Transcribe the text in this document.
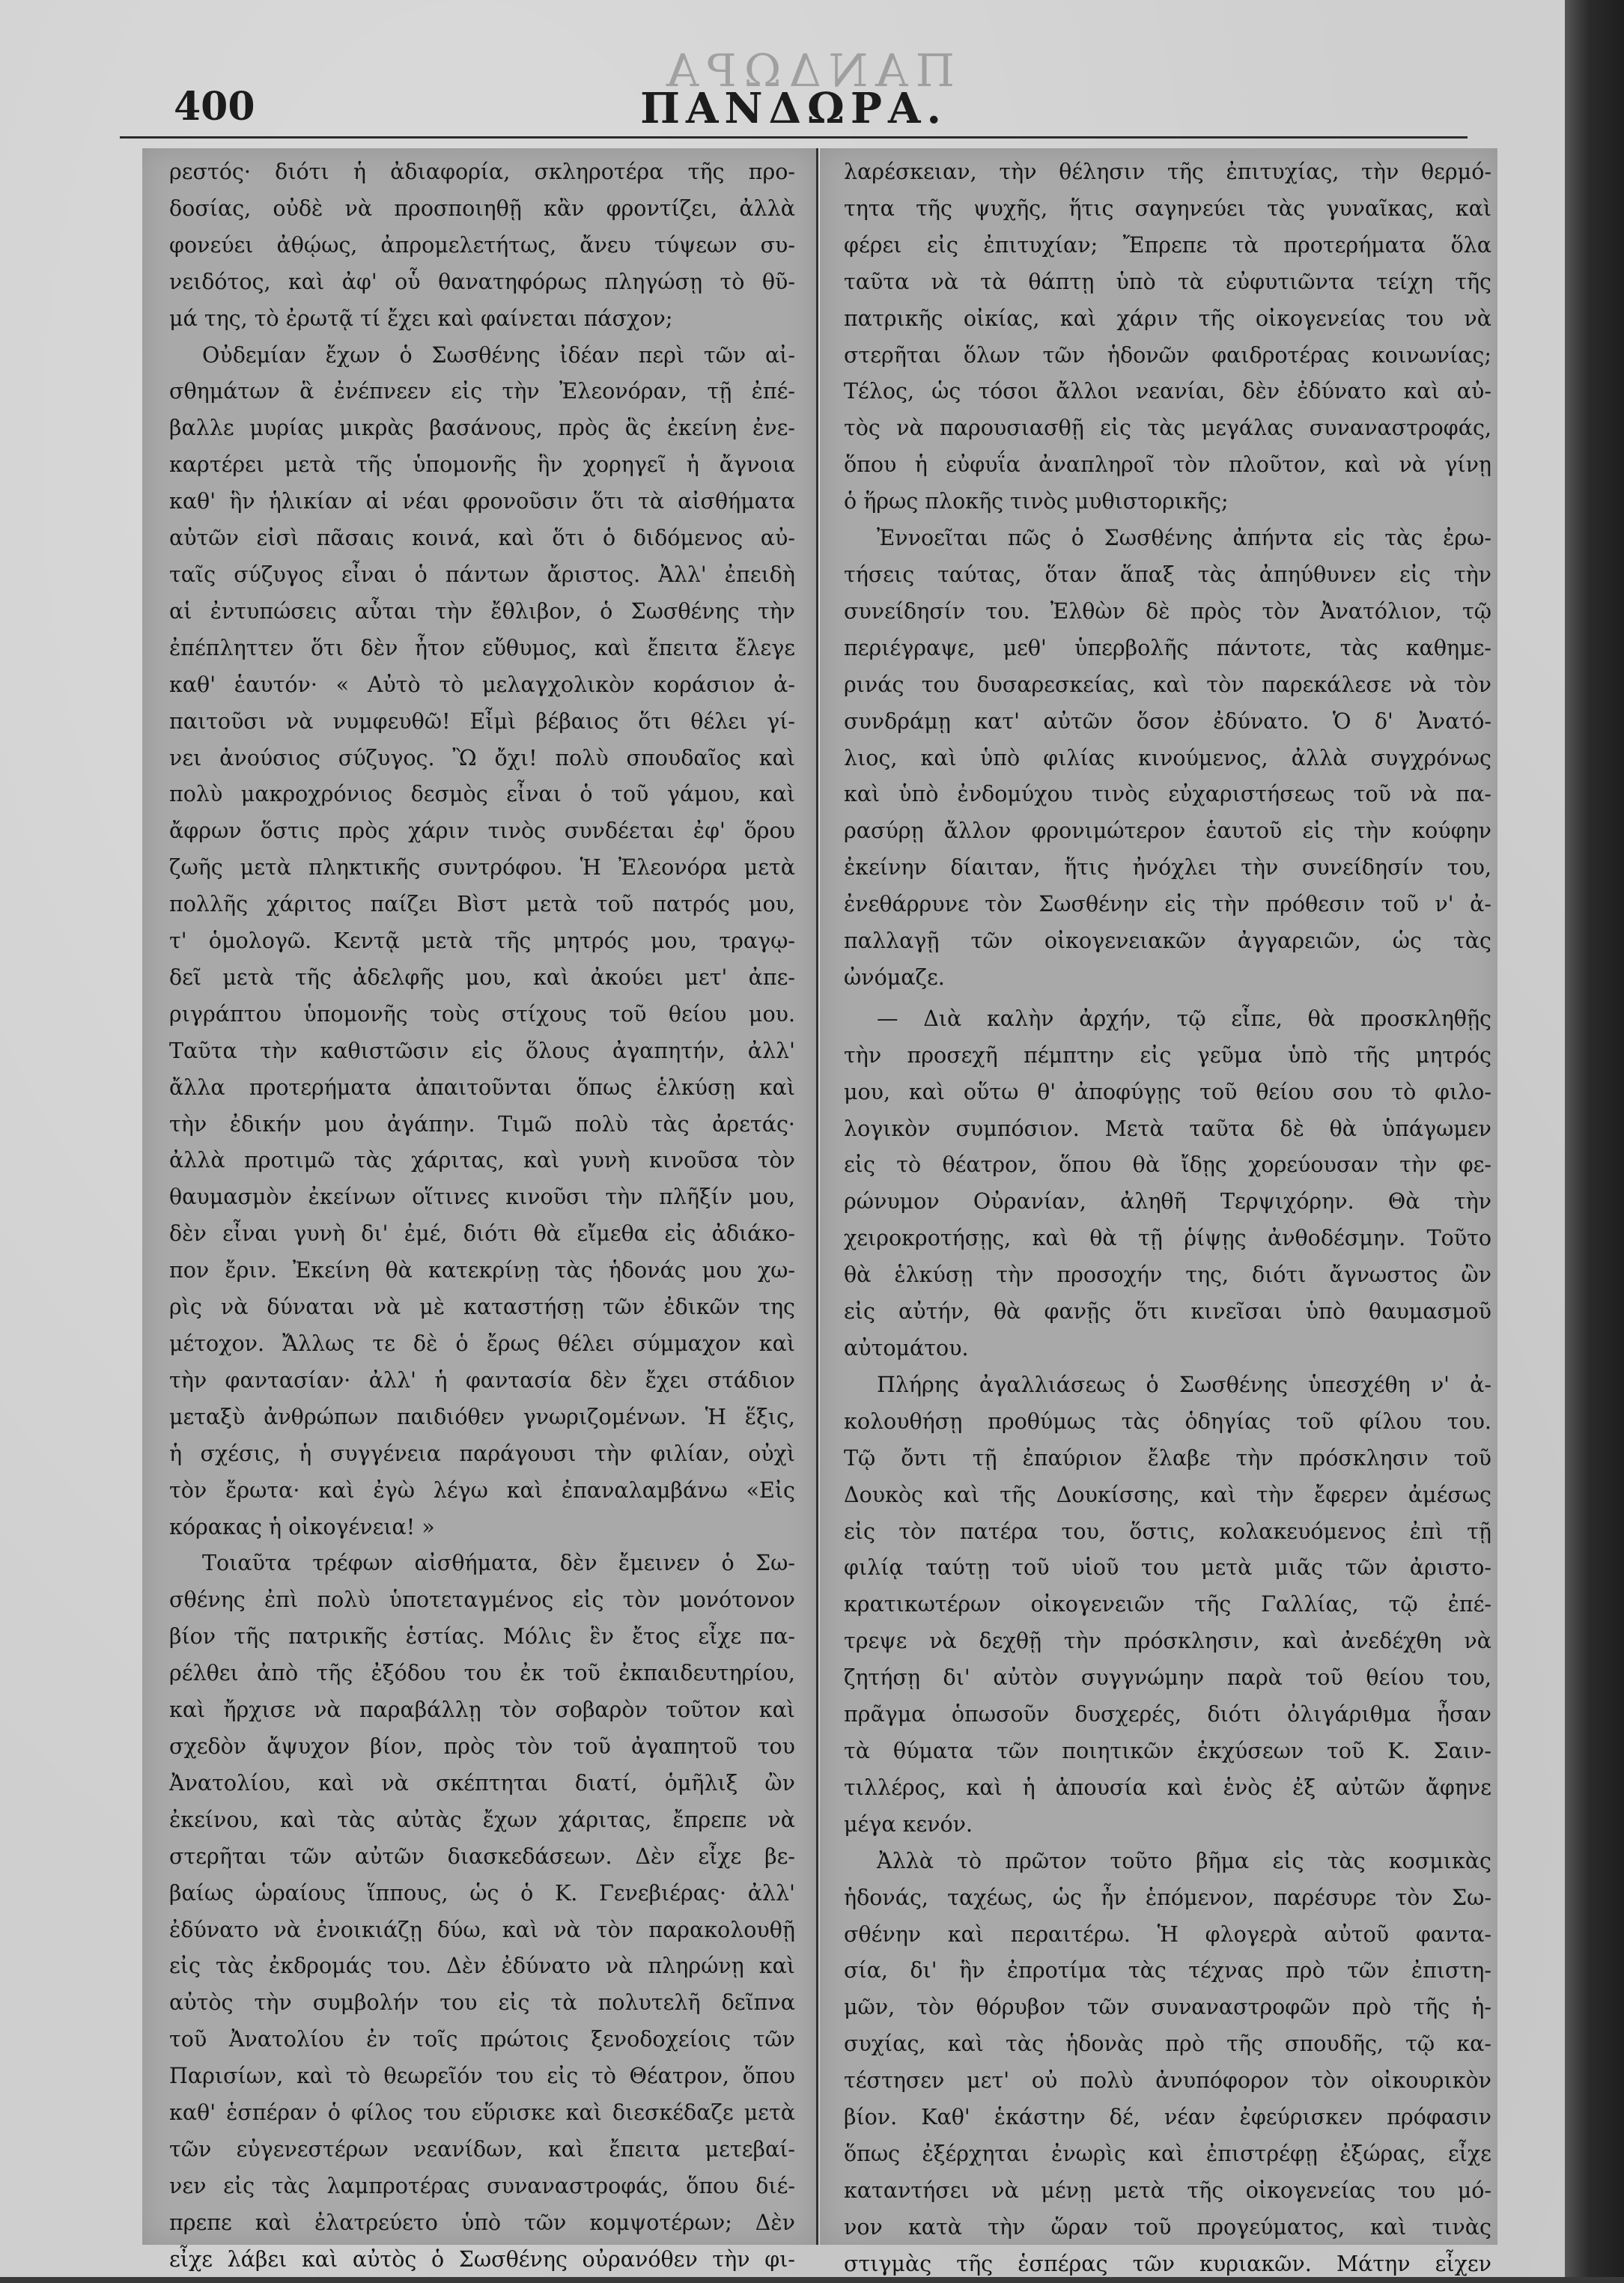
ΠΑΝΔΩΡΑ
400	ΠΑΝΔΩΡΑ.
ρεστός· διότι ἡ ἀδιαφορία, σκληροτέρα τῆς προ-
δοσίας, οὐδὲ νὰ προσποιηθῇ κἂν φροντίζει, ἀλλὰ
φονεύει ἀθῴως, ἀπρομελετήτως, ἄνευ τύψεων συ-
νειδότος, καὶ ἀφ' οὗ θανατηφόρως πληγώσῃ τὸ θῦ-
μά της, τὸ ἐρωτᾷ τί ἔχει καὶ φαίνεται πάσχον;
Οὐδεμίαν ἔχων ὁ Σωσθένης ἰδέαν περὶ τῶν αἰ-
σθημάτων ἃ ἐνέπνεεν εἰς τὴν Ἐλεονόραν, τῇ ἐπέ-
βαλλε μυρίας μικρὰς βασάνους, πρὸς ἃς ἐκείνη ἐνε-
καρτέρει μετὰ τῆς ὑπομονῆς ἣν χορηγεῖ ἡ ἄγνοια
καθ' ἣν ἡλικίαν αἱ νέαι φρονοῦσιν ὅτι τὰ αἰσθήματα
αὐτῶν εἰσὶ πᾶσαις κοινά, καὶ ὅτι ὁ διδόμενος αὐ-
ταῖς σύζυγος εἶναι ὁ πάντων ἄριστος. Ἀλλ' ἐπειδὴ
αἱ ἐντυπώσεις αὗται τὴν ἔθλιβον, ὁ Σωσθένης τὴν
ἐπέπληττεν ὅτι δὲν ἦτον εὔθυμος, καὶ ἔπειτα ἔλεγε
καθ' ἑαυτόν· « Αὐτὸ τὸ μελαγχολικὸν κοράσιον ἀ-
παιτοῦσι νὰ νυμφευθῶ! Εἶμὶ βέβαιος ὅτι θέλει γί-
νει ἀνούσιος σύζυγος. Ὢ ὄχι! πολὺ σπουδαῖος καὶ
πολὺ μακροχρόνιος δεσμὸς εἶναι ὁ τοῦ γάμου, καὶ
ἄφρων ὅστις πρὸς χάριν τινὸς συνδέεται ἐφ' ὅρου
ζωῆς μετὰ πληκτικῆς συντρόφου. Ἡ Ἐλεονόρα μετὰ
πολλῆς χάριτος παίζει Βὶστ μετὰ τοῦ πατρός μου,
τ' ὁμολογῶ. Κεντᾷ μετὰ τῆς μητρός μου, τραγῳ-
δεῖ μετὰ τῆς ἀδελφῆς μου, καὶ ἀκούει μετ' ἀπε-
ριγράπτου ὑπομονῆς τοὺς στίχους τοῦ θείου μου.
Ταῦτα τὴν καθιστῶσιν εἰς ὅλους ἀγαπητήν, ἀλλ'
ἄλλα προτερήματα ἀπαιτοῦνται ὅπως ἑλκύσῃ καὶ
τὴν ἐδικήν μου ἀγάπην. Τιμῶ πολὺ τὰς ἀρετάς·
ἀλλὰ προτιμῶ τὰς χάριτας, καὶ γυνὴ κινοῦσα τὸν
θαυμασμὸν ἐκείνων οἵτινες κινοῦσι τὴν πλῆξίν μου,
δὲν εἶναι γυνὴ δι' ἐμέ, διότι θὰ εἴμεθα εἰς ἀδιάκο-
πον ἔριν. Ἐκείνη θὰ κατεκρίνῃ τὰς ἡδονάς μου χω-
ρὶς νὰ δύναται νὰ μὲ καταστήσῃ τῶν ἐδικῶν της
μέτοχον. Ἄλλως τε δὲ ὁ ἔρως θέλει σύμμαχον καὶ
τὴν φαντασίαν· ἀλλ' ἡ φαντασία δὲν ἔχει στάδιον
μεταξὺ ἀνθρώπων παιδιόθεν γνωριζομένων. Ἡ ἕξις,
ἡ σχέσις, ἡ συγγένεια παράγουσι τὴν φιλίαν, οὐχὶ
τὸν ἔρωτα· καὶ ἐγὼ λέγω καὶ ἐπαναλαμβάνω «Εἰς
κόρακας ἡ οἰκογένεια! »
Τοιαῦτα τρέφων αἰσθήματα, δὲν ἔμεινεν ὁ Σω-
σθένης ἐπὶ πολὺ ὑποτεταγμένος εἰς τὸν μονότονον
βίον τῆς πατρικῆς ἑστίας. Μόλις ἓν ἔτος εἶχε πα-
ρέλθει ἀπὸ τῆς ἐξόδου του ἐκ τοῦ ἐκπαιδευτηρίου,
καὶ ἤρχισε νὰ παραβάλλῃ τὸν σοβαρὸν τοῦτον καὶ
σχεδὸν ἄψυχον βίον, πρὸς τὸν τοῦ ἀγαπητοῦ του
Ἀνατολίου, καὶ νὰ σκέπτηται διατί, ὁμῆλιξ ὢν
ἐκείνου, καὶ τὰς αὐτὰς ἔχων χάριτας, ἔπρεπε νὰ
στερῆται τῶν αὐτῶν διασκεδάσεων. Δὲν εἶχε βε-
βαίως ὡραίους ἵππους, ὡς ὁ Κ. Γενεβιέρας· ἀλλ'
ἐδύνατο νὰ ἐνοικιάζῃ δύω, καὶ νὰ τὸν παρακολουθῇ
εἰς τὰς ἐκδρομάς του. Δὲν ἐδύνατο νὰ πληρώνῃ καὶ
αὐτὸς τὴν συμβολήν του εἰς τὰ πολυτελῆ δεῖπνα
τοῦ Ἀνατολίου ἐν τοῖς πρώτοις ξενοδοχείοις τῶν
Παρισίων, καὶ τὸ θεωρεῖόν του εἰς τὸ Θέατρον, ὅπου
καθ' ἑσπέραν ὁ φίλος του εὕρισκε καὶ διεσκέδαζε μετὰ
τῶν εὐγενεστέρων νεανίδων, καὶ ἔπειτα μετεβαί-
νεν εἰς τὰς λαμπροτέρας συναναστροφάς, ὅπου διέ-
πρεπε καὶ ἐλατρεύετο ὑπὸ τῶν κομψοτέρων; Δὲν
εἶχε λάβει καὶ αὐτὸς ὁ Σωσθένης οὐρανόθεν τὴν φι-
λαρέσκειαν, τὴν θέλησιν τῆς ἐπιτυχίας, τὴν θερμό-
τητα τῆς ψυχῆς, ἥτις σαγηνεύει τὰς γυναῖκας, καὶ
φέρει εἰς ἐπιτυχίαν; Ἔπρεπε τὰ προτερήματα ὅλα
ταῦτα νὰ τὰ θάπτῃ ὑπὸ τὰ εὐφυτιῶντα τείχη τῆς
πατρικῆς οἰκίας, καὶ χάριν τῆς οἰκογενείας του νὰ
στερῆται ὅλων τῶν ἡδονῶν φαιδροτέρας κοινωνίας;
Τέλος, ὡς τόσοι ἄλλοι νεανίαι, δὲν ἐδύνατο καὶ αὐ-
τὸς νὰ παρουσιασθῇ εἰς τὰς μεγάλας συναναστροφάς,
ὅπου ἡ εὐφυΐα ἀναπληροῖ τὸν πλοῦτον, καὶ νὰ γίνῃ
ὁ ἥρως πλοκῆς τινὸς μυθιστορικῆς;
Ἐννοεῖται πῶς ὁ Σωσθένης ἀπήντα εἰς τὰς ἐρω-
τήσεις ταύτας, ὅταν ἅπαξ τὰς ἀπηύθυνεν εἰς τὴν
συνείδησίν του. Ἐλθὼν δὲ πρὸς τὸν Ἀνατόλιον, τῷ
περιέγραψε, μεθ' ὑπερβολῆς πάντοτε, τὰς καθημε-
ρινάς του δυσαρεσκείας, καὶ τὸν παρεκάλεσε νὰ τὸν
συνδράμῃ κατ' αὐτῶν ὅσον ἐδύνατο. Ὁ δ' Ἀνατό-
λιος, καὶ ὑπὸ φιλίας κινούμενος, ἀλλὰ συγχρόνως
καὶ ὑπὸ ἐνδομύχου τινὸς εὐχαριστήσεως τοῦ νὰ πα-
ρασύρῃ ἄλλον φρονιμώτερον ἑαυτοῦ εἰς τὴν κούφην
ἐκείνην δίαιταν, ἥτις ἠνόχλει τὴν συνείδησίν του,
ἐνεθάρρυνε τὸν Σωσθένην εἰς τὴν πρόθεσιν τοῦ ν' ἀ-
παλλαγῇ τῶν οἰκογενειακῶν ἀγγαρειῶν, ὡς τὰς
ὠνόμαζε.
— Διὰ καλὴν ἀρχήν, τῷ εἶπε, θὰ προσκληθῇς
τὴν προσεχῆ πέμπτην εἰς γεῦμα ὑπὸ τῆς μητρός
μου, καὶ οὕτω θ' ἀποφύγῃς τοῦ θείου σου τὸ φιλο-
λογικὸν συμπόσιον. Μετὰ ταῦτα δὲ θὰ ὑπάγωμεν
εἰς τὸ θέατρον, ὅπου θὰ ἴδῃς χορεύουσαν τὴν φε-
ρώνυμον Οὐρανίαν, ἀληθῆ Τερψιχόρην. Θὰ τὴν
χειροκροτήσῃς, καὶ θὰ τῇ ῥίψῃς ἀνθοδέσμην. Τοῦτο
θὰ ἑλκύσῃ τὴν προσοχήν της, διότι ἄγνωστος ὢν
εἰς αὐτήν, θὰ φανῇς ὅτι κινεῖσαι ὑπὸ θαυμασμοῦ
αὐτομάτου.
Πλήρης ἀγαλλιάσεως ὁ Σωσθένης ὑπεσχέθη ν' ἀ-
κολουθήσῃ προθύμως τὰς ὁδηγίας τοῦ φίλου του.
Τῷ ὄντι τῇ ἐπαύριον ἔλαβε τὴν πρόσκλησιν τοῦ
Δουκὸς καὶ τῆς Δουκίσσης, καὶ τὴν ἔφερεν ἀμέσως
εἰς τὸν πατέρα του, ὅστις, κολακευόμενος ἐπὶ τῇ
φιλίᾳ ταύτῃ τοῦ υἱοῦ του μετὰ μιᾶς τῶν ἀριστο-
κρατικωτέρων οἰκογενειῶν τῆς Γαλλίας, τῷ ἐπέ-
τρεψε νὰ δεχθῇ τὴν πρόσκλησιν, καὶ ἀνεδέχθη νὰ
ζητήσῃ δι' αὐτὸν συγγνώμην παρὰ τοῦ θείου του,
πρᾶγμα ὁπωσοῦν δυσχερές, διότι ὀλιγάριθμα ἦσαν
τὰ θύματα τῶν ποιητικῶν ἐκχύσεων τοῦ Κ. Σαιν-
τιλλέρος, καὶ ἡ ἀπουσία καὶ ἑνὸς ἐξ αὐτῶν ἄφηνε
μέγα κενόν.
Ἀλλὰ τὸ πρῶτον τοῦτο βῆμα εἰς τὰς κοσμικὰς
ἡδονάς, ταχέως, ὡς ἦν ἑπόμενον, παρέσυρε τὸν Σω-
σθένην καὶ περαιτέρω. Ἡ φλογερὰ αὐτοῦ φαντα-
σία, δι' ἣν ἐπροτίμα τὰς τέχνας πρὸ τῶν ἐπιστη-
μῶν, τὸν θόρυβον τῶν συναναστροφῶν πρὸ τῆς ἡ-
συχίας, καὶ τὰς ἡδονὰς πρὸ τῆς σπουδῆς, τῷ κα-
τέστησεν μετ' οὐ πολὺ ἀνυπόφορον τὸν οἰκουρικὸν
βίον. Καθ' ἑκάστην δέ, νέαν ἐφεύρισκεν πρόφασιν
ὅπως ἐξέρχηται ἐνωρὶς καὶ ἐπιστρέφῃ ἐξώρας, εἶχε
καταντήσει νὰ μένῃ μετὰ τῆς οἰκογενείας του μό-
νον κατὰ τὴν ὥραν τοῦ προγεύματος, καὶ τινὰς
στιγμὰς τῆς ἑσπέρας τῶν κυριακῶν. Μάτην εἶχεν
